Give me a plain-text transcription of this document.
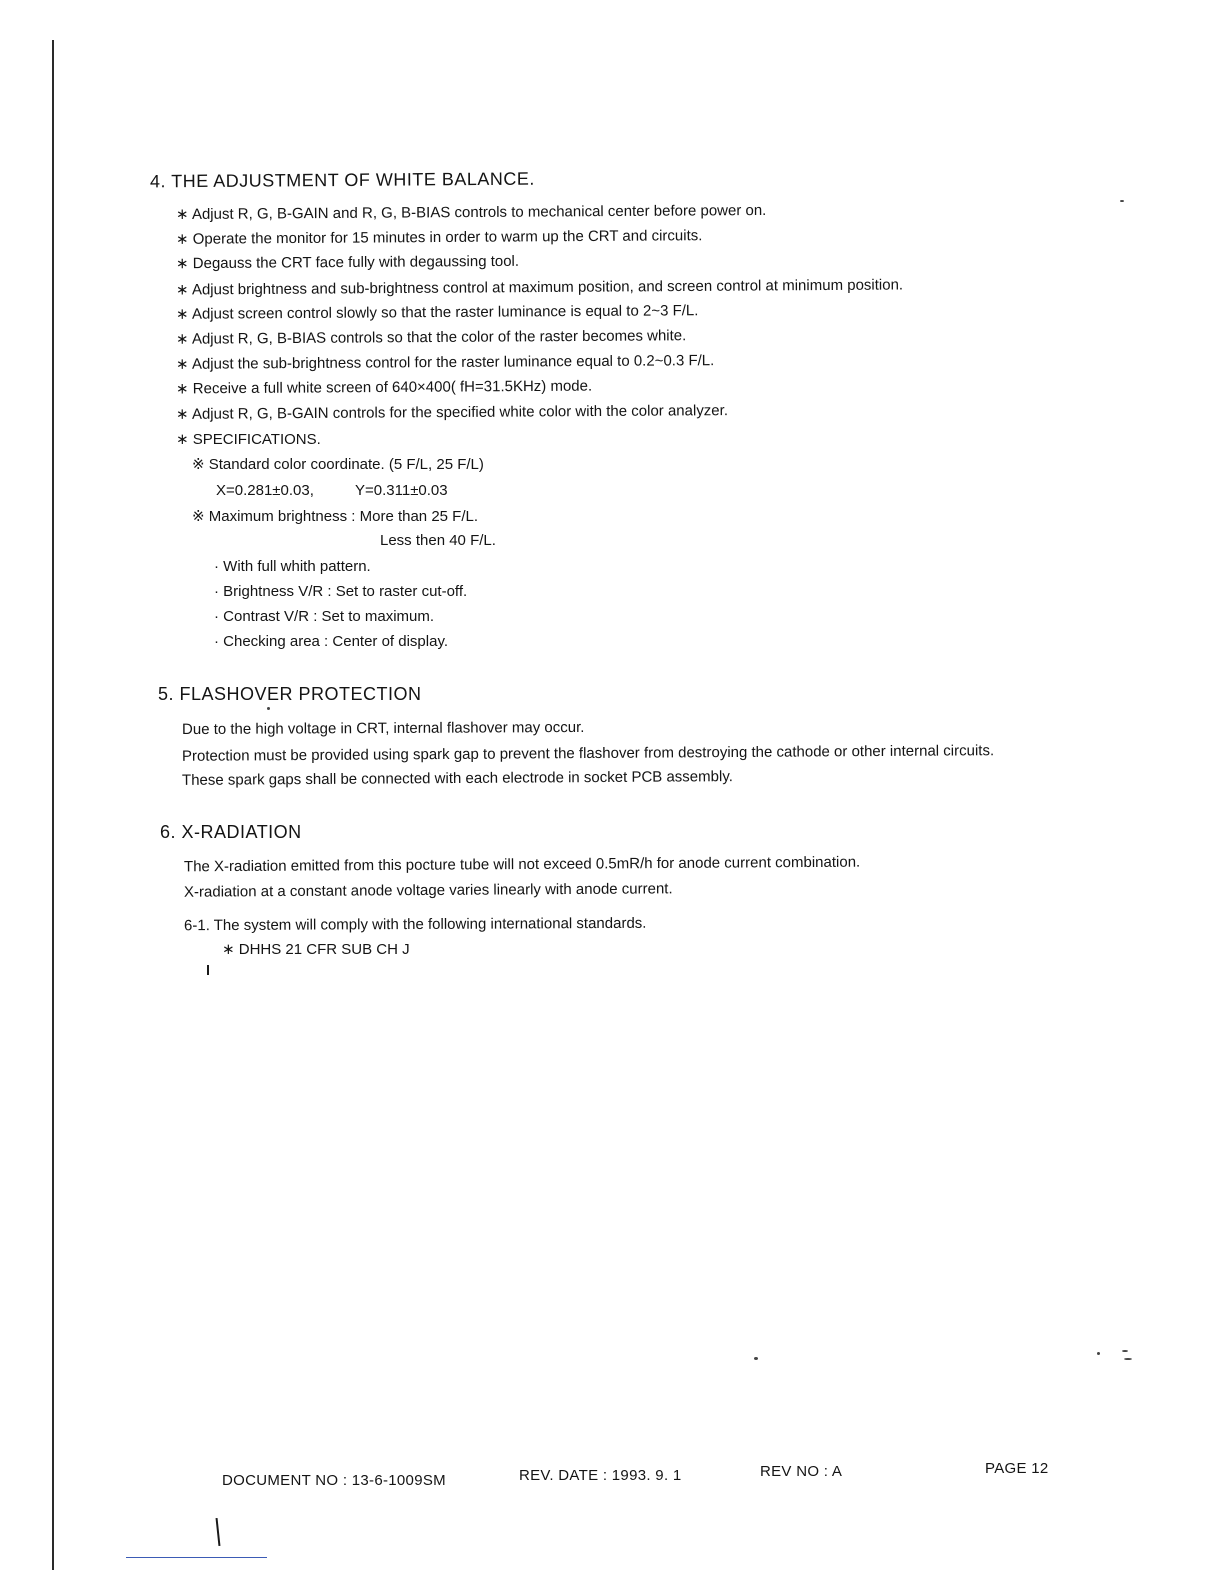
4. THE ADJUSTMENT OF WHITE BALANCE.
∗ Adjust R, G, B-GAIN and R, G, B-BIAS controls to mechanical center before power on.
∗ Operate the monitor for 15 minutes in order to warm up the CRT and circuits.
∗ Degauss the CRT face fully with degaussing tool.
∗ Adjust brightness and sub-brightness control at maximum position, and screen control at minimum position.
∗ Adjust screen control slowly so that the raster luminance is equal to 2~3 F/L.
∗ Adjust R, G, B-BIAS controls so that the color of the raster becomes white.
∗ Adjust the sub-brightness control for the raster luminance equal to 0.2~0.3 F/L.
∗ Receive a full white screen of 640×400( fH=31.5KHz) mode.
∗ Adjust R, G, B-GAIN controls for the specified white color with the color analyzer.
∗ SPECIFICATIONS.
※ Standard color coordinate. (5 F/L, 25 F/L)
X=0.281±0.03,	Y=0.311±0.03
※ Maximum brightness : More than 25 F/L.
Less then 40 F/L.
· With full whith pattern.
· Brightness V/R : Set to raster cut-off.
· Contrast V/R : Set to maximum.
· Checking area : Center of display.
5. FLASHOVER PROTECTION
Due to the high voltage in CRT, internal flashover may occur.
Protection must be provided using spark gap to prevent the flashover from destroying the cathode or other internal circuits.
These spark gaps shall be connected with each electrode in socket PCB assembly.
6. X-RADIATION
The X-radiation emitted from this pocture tube will not exceed 0.5mR/h for anode current combination.
X-radiation at a constant anode voltage varies linearly with anode current.
6-1. The system will comply with the following international standards.
∗ DHHS 21 CFR SUB CH J
DOCUMENT NO : 13-6-1009SM	REV. DATE : 1993. 9. 1	REV NO : A	PAGE 12
